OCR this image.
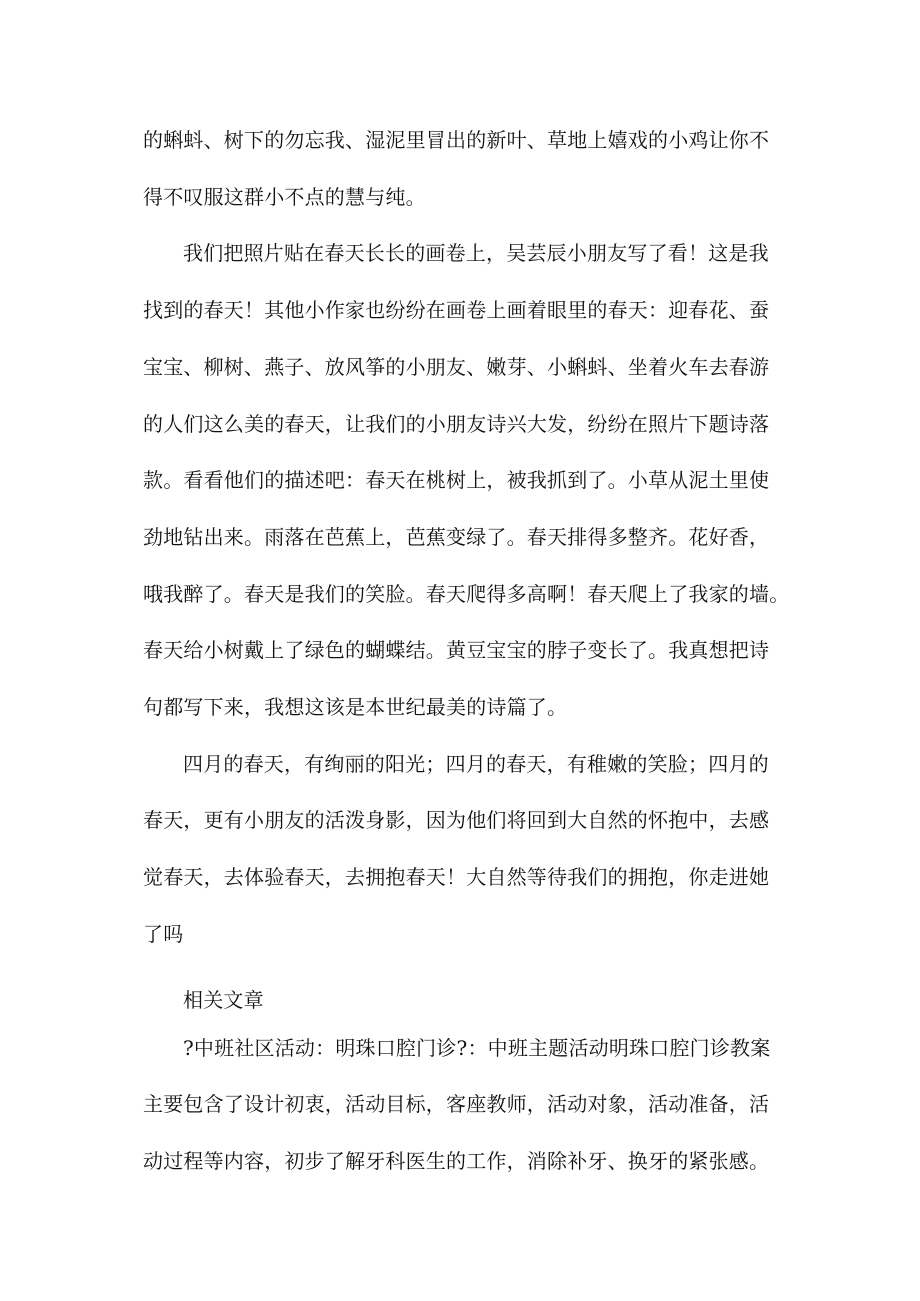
的蝌蚪、树下的勿忘我、湿泥里冒出的新叶、草地上嬉戏的小鸡让你不
得不叹服这群小不点的慧与纯。
我们把照片贴在春天长长的画卷上，吴芸辰小朋友写了看！这是我
找到的春天！其他小作家也纷纷在画卷上画着眼里的春天：迎春花、蚕
宝宝、柳树、燕子、放风筝的小朋友、嫩芽、小蝌蚪、坐着火车去春游
的人们这么美的春天，让我们的小朋友诗兴大发，纷纷在照片下题诗落
款。看看他们的描述吧：春天在桃树上，被我抓到了。小草从泥土里使
劲地钻出来。雨落在芭蕉上，芭蕉变绿了。春天排得多整齐。花好香，
哦我醉了。春天是我们的笑脸。春天爬得多高啊！春天爬上了我家的墙。
春天给小树戴上了绿色的蝴蝶结。黄豆宝宝的脖子变长了。我真想把诗
句都写下来，我想这该是本世纪最美的诗篇了。
四月的春天，有绚丽的阳光；四月的春天，有稚嫩的笑脸；四月的
春天，更有小朋友的活泼身影，因为他们将回到大自然的怀抱中，去感
觉春天，去体验春天，去拥抱春天！大自然等待我们的拥抱，你走进她
了吗
相关文章
?中班社区活动：明珠口腔门诊?：中班主题活动明珠口腔门诊教案
主要包含了设计初衷，活动目标，客座教师，活动对象，活动准备，活
动过程等内容，初步了解牙科医生的工作，消除补牙、换牙的紧张感。
